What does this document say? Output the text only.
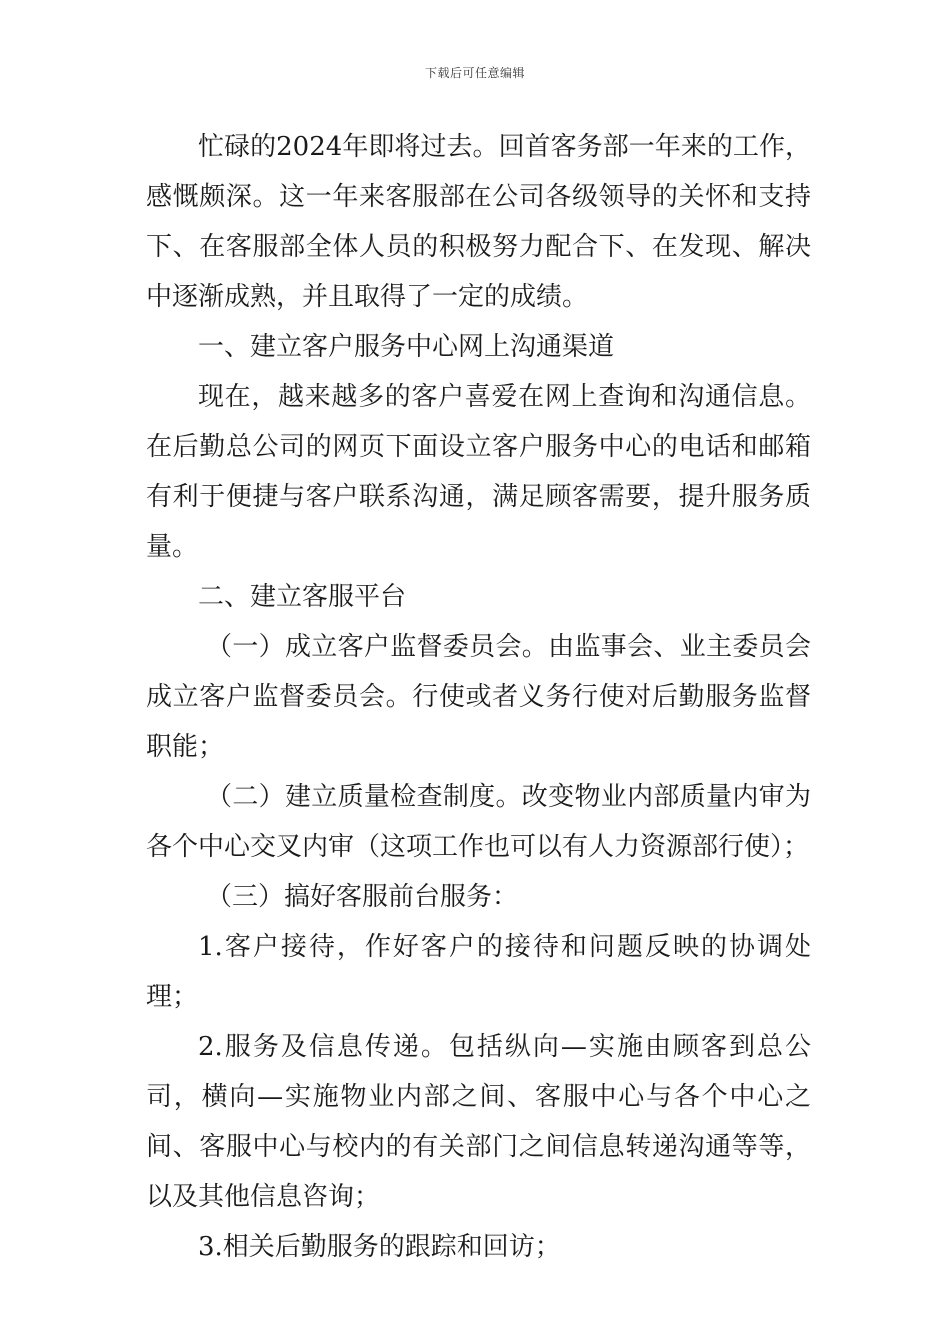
下载后可任意编辑

忙碌的2024年即将过去。回首客务部一年来的工作，感慨颇深。这一年来客服部在公司各级领导的关怀和支持下、在客服部全体人员的积极努力配合下、在发现、解决中逐渐成熟，并且取得了一定的成绩。

一、建立客户服务中心网上沟通渠道

现在，越来越多的客户喜爱在网上查询和沟通信息。在后勤总公司的网页下面设立客户服务中心的电话和邮箱有利于便捷与客户联系沟通，满足顾客需要，提升服务质量。

二、建立客服平台

（一）成立客户监督委员会。由监事会、业主委员会成立客户监督委员会。行使或者义务行使对后勤服务监督职能；

（二）建立质量检查制度。改变物业内部质量内审为各个中心交叉内审（这项工作也可以有人力资源部行使）；

（三）搞好客服前台服务：

1.客户接待，作好客户的接待和问题反映的协调处理；

2.服务及信息传递。包括纵向—实施由顾客到总公司，横向—实施物业内部之间、客服中心与各个中心之间、客服中心与校内的有关部门之间信息转递沟通等等，以及其他信息咨询；

3.相关后勤服务的跟踪和回访；
